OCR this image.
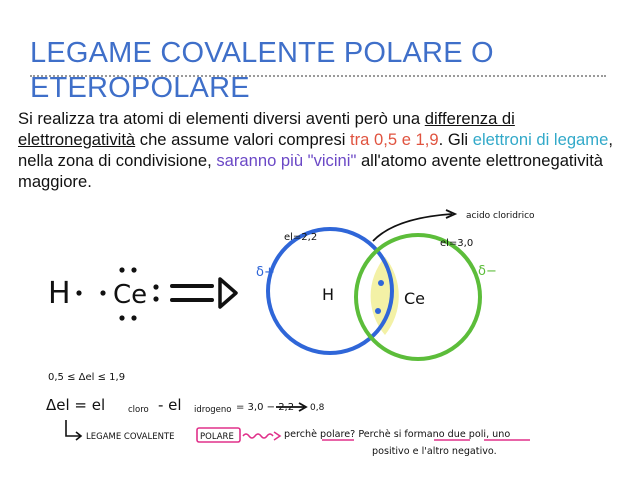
LEGAME COVALENTE POLARE O ETEROPOLARE
Si realizza tra atomi di elementi diversi aventi però una differenza di elettronegatività che assume valori compresi tra 0,5 e 1,9. Gli elettroni di legame, nella zona di condivisione, saranno più "vicini" all'atomo avente elettronegatività maggiore.
H Ce	H	Ce
el=2,2
el=3,0
δ+	δ−
acido cloridrico
0,5 ≤ Δel ≤ 1,9
Δel = el	cloro - el idrogeno = 3,0 − 2,2 0,8
LEGAME COVALENTE	POLARE	perchè polare? Perchè si formano due poli, uno
positivo e l'altro negativo.
